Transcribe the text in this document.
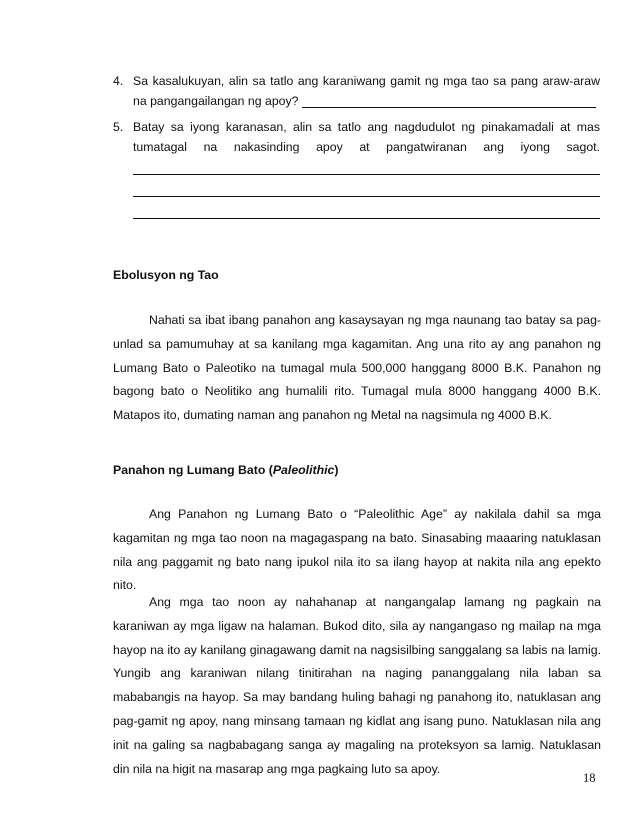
4. Sa kasalukuyan, alin sa tatlo ang karaniwang gamit ng mga tao sa pang araw-araw
na pangangailangan ng apoy?
5. Batay sa iyong karanasan, alin sa tatlo ang nagdudulot ng pinakamadali at mas
tumatagal na nakasinding apoy at pangatwiranan ang iyong sagot.
Ebolusyon ng Tao

Nahati sa ibat ibang panahon ang kasaysayan ng mga naunang tao batay sa pag-unlad sa pamumuhay at sa kanilang mga kagamitan. Ang una rito ay ang panahon ng Lumang Bato o Paleotiko na tumagal mula 500,000 hanggang 8000 B.K. Panahon ng bagong bato o Neolitiko ang humalili rito. Tumagal mula 8000 hanggang 4000 B.K. Matapos ito, dumating naman ang panahon ng Metal na nagsimula ng 4000 B.K.

Panahon ng Lumang Bato (Paleolithic)

Ang Panahon ng Lumang Bato o “Paleolithic Age” ay nakilala dahil sa mga kagamitan ng mga tao noon na magagaspang na bato. Sinasabing maaaring natuklasan nila ang paggamit ng bato nang ipukol nila ito sa ilang hayop at nakita nila ang epekto nito.

Ang mga tao noon ay nahahanap at nangangalap lamang ng pagkain na karaniwan ay mga ligaw na halaman. Bukod dito, sila ay nangangaso ng mailap na mga hayop na ito ay kanilang ginagawang damit na nagsisilbing sanggalang sa labis na lamig. Yungib ang karaniwan nilang tinitirahan na naging pananggalang nila laban sa mababangis na hayop. Sa may bandang huling bahagi ng panahong ito, natuklasan ang pag-gamit ng apoy, nang minsang tamaan ng kidlat ang isang puno. Natuklasan nila ang init na galing sa nagbabagang sanga ay magaling na proteksyon sa lamig. Natuklasan din nila na higit na masarap ang mga pagkaing luto sa apoy.

18
